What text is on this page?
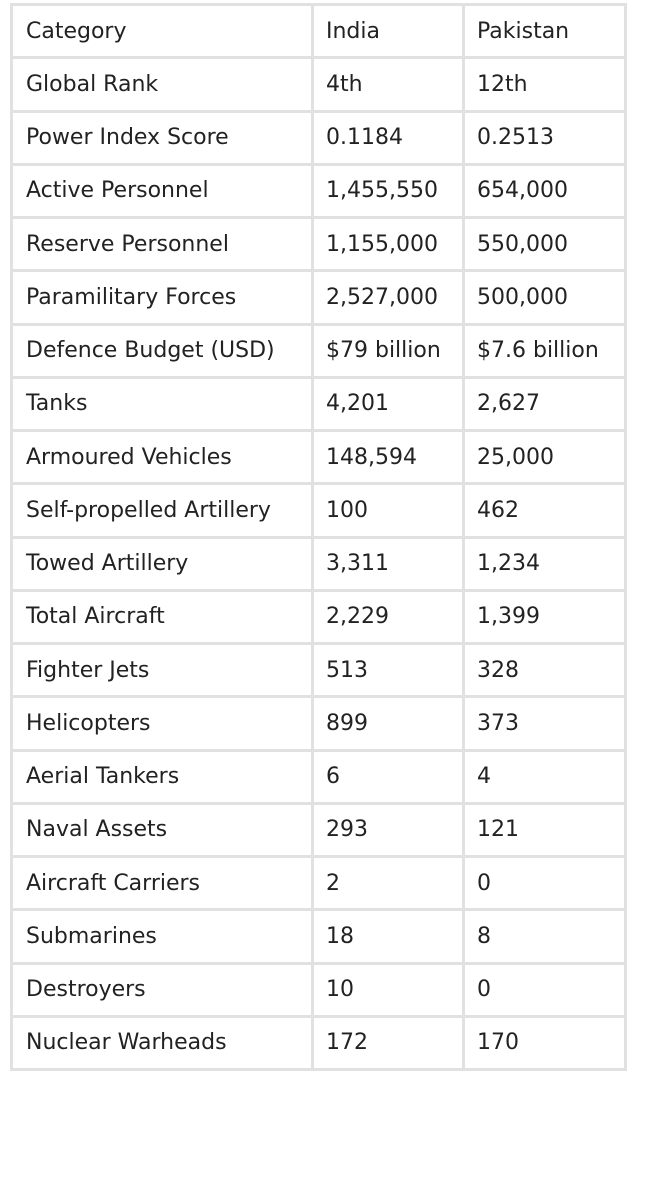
Category	India	Pakistan
Global Rank	4th	12th
Power Index Score	0.1184	0.2513
Active Personnel	1,455,550	654,000
Reserve Personnel	1,155,000	550,000
Paramilitary Forces	2,527,000	500,000
Defence Budget (USD)	$79 billion	$7.6 billion
Tanks	4,201	2,627
Armoured Vehicles	148,594	25,000
Self-propelled Artillery	100	462
Towed Artillery	3,311	1,234
Total Aircraft	2,229	1,399
Fighter Jets	513	328
Helicopters	899	373
Aerial Tankers	6	4
Naval Assets	293	121
Aircraft Carriers	2	0
Submarines	18	8
Destroyers	10	0
Nuclear Warheads	172	170
